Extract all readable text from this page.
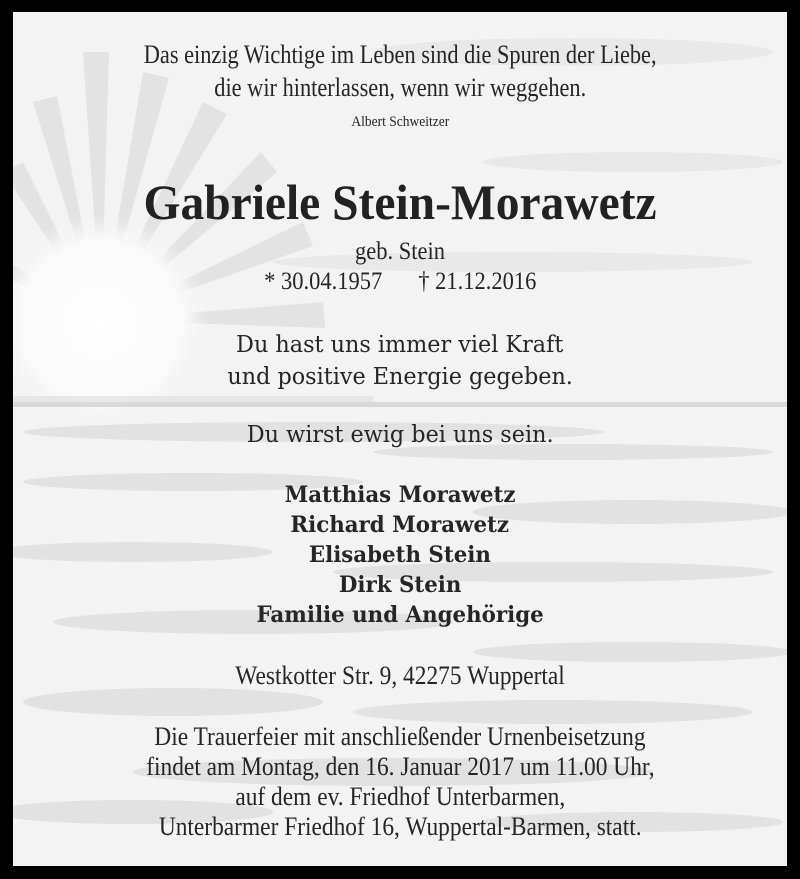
Das einzig Wichtige im Leben sind die Spuren der Liebe,
die wir hinterlassen, wenn wir weggehen.
Albert Schweitzer
Gabriele Stein-Morawetz
geb. Stein
* 30.04.1957 † 21.12.2016
Du hast uns immer viel Kraft
und positive Energie gegeben.
Du wirst ewig bei uns sein.
Matthias Morawetz
Richard Morawetz
Elisabeth Stein
Dirk Stein
Familie und Angehörige
Westkotter Str. 9, 42275 Wuppertal
Die Trauerfeier mit anschließender Urnenbeisetzung
findet am Montag, den 16. Januar 2017 um 11.00 Uhr,
auf dem ev. Friedhof Unterbarmen,
Unterbarmer Friedhof 16, Wuppertal-Barmen, statt.
